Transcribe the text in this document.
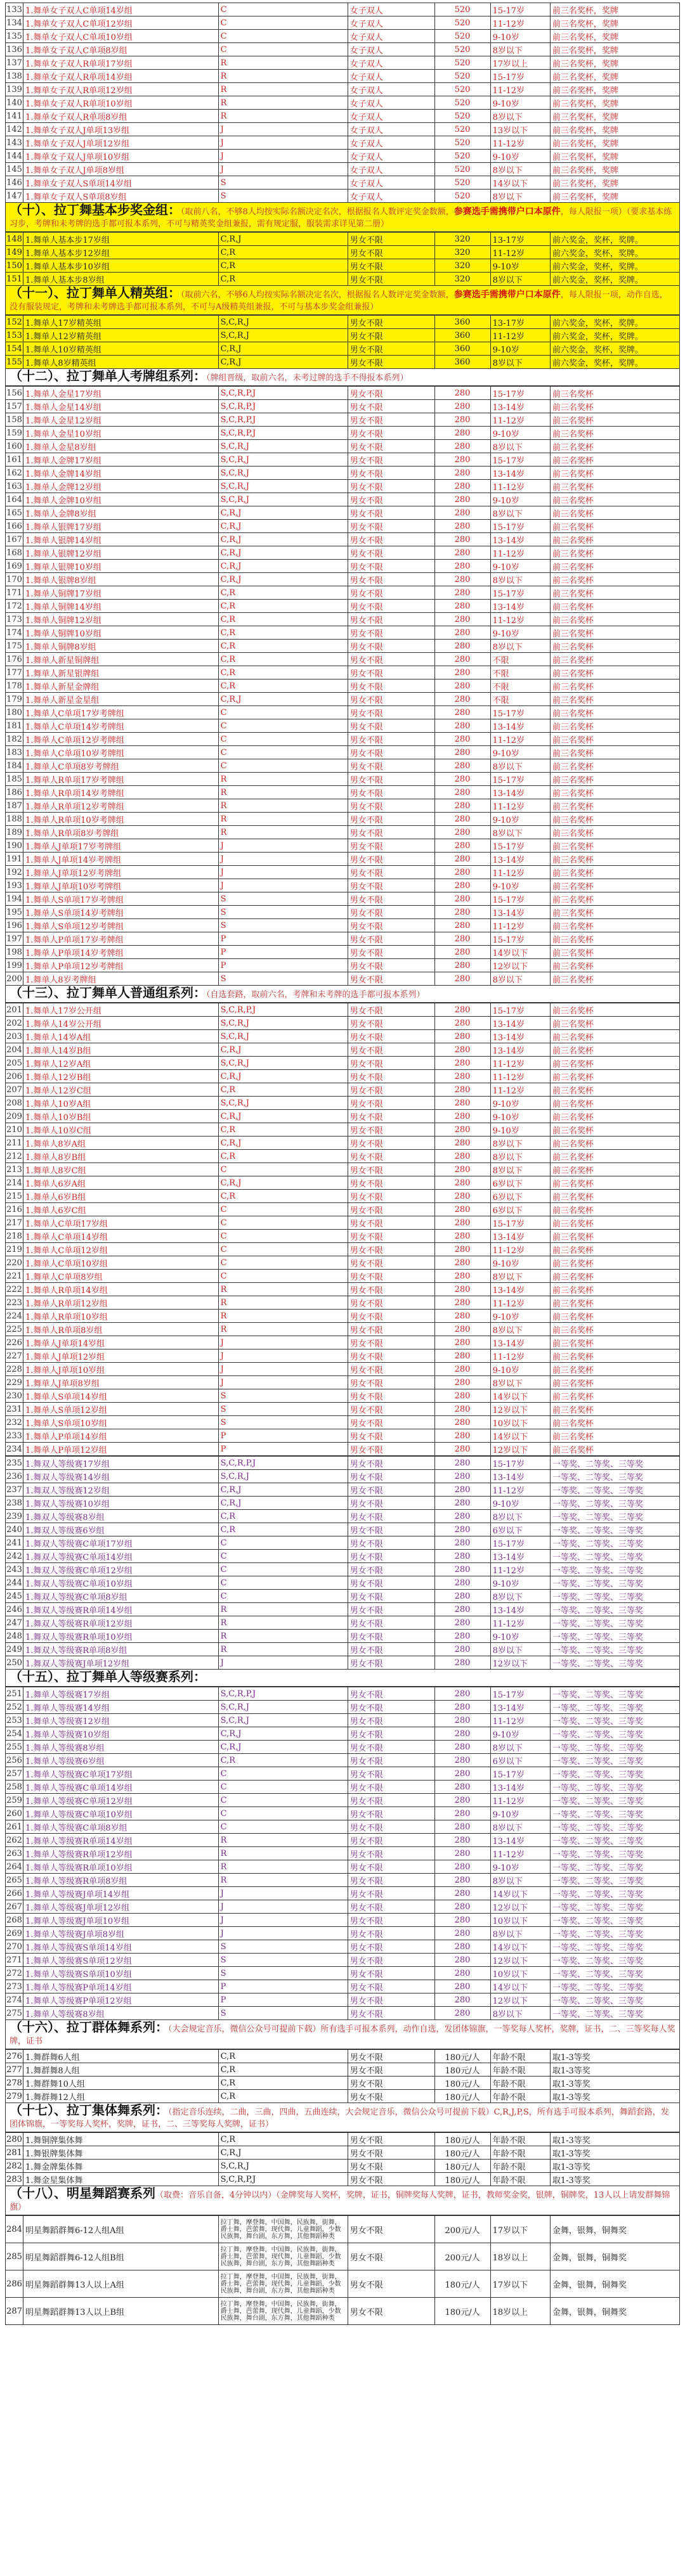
133	1.舞单女子双人C单项14岁组	C	女子双人	520	15-17岁	前三名奖杯，奖牌
134	1.舞单女子双人C单项12岁组	C	女子双人	520	11-12岁	前三名奖杯，奖牌
135	1.舞单女子双人C单项10岁组	C	女子双人	520	9-10岁	前三名奖杯，奖牌
136	1.舞单女子双人C单项8岁组	C	女子双人	520	8岁以下	前三名奖杯，奖牌
137	1.舞单女子双人R单项17岁组	R	女子双人	520	17岁以上	前三名奖杯，奖牌
138	1.舞单女子双人R单项14岁组	R	女子双人	520	15-17岁	前三名奖杯，奖牌
139	1.舞单女子双人R单项12岁组	R	女子双人	520	11-12岁	前三名奖杯，奖牌
140	1.舞单女子双人R单项10岁组	R	女子双人	520	9-10岁	前三名奖杯，奖牌
141	1.舞单女子双人R单项8岁组	R	女子双人	520	8岁以下	前三名奖杯，奖牌
142	1.舞单女子双人J单项13岁组	J	女子双人	520	13岁以下	前三名奖杯，奖牌
143	1.舞单女子双人J单项12岁组	J	女子双人	520	11-12岁	前三名奖杯，奖牌
144	1.舞单女子双人J单项10岁组	J	女子双人	520	9-10岁	前三名奖杯，奖牌
145	1.舞单女子双人J单项8岁组	J	女子双人	520	8岁以下	前三名奖杯，奖牌
146	1.舞单女子双人S单项14岁组	S	女子双人	520	14岁以下	前三名奖杯，奖牌
147	1.舞单女子双人S单项8岁组	S	女子双人	520	8岁以下	前三名奖杯，奖牌
（十）、拉丁舞基本步奖金组：（取前八名，不够8人均按实际名额决定名次，根据报名人数评定奖金数额，参赛选手需携带户口本原件，每人限报一项）（要求基本练习步，考牌和未考牌的选手都可报本系列，不可与精英奖金组兼报，需有规定服，服装需求详见第二册）
148	1.舞单人基本步17岁组	C,R,J	男女不限	320	13-17岁	前六奖金，奖杯，奖牌。
149	1.舞单人基本步12岁组	C,R	男女不限	320	11-12岁	前六奖金，奖杯，奖牌。
150	1.舞单人基本步10岁组	C,R	男女不限	320	9-10岁	前六奖金，奖杯，奖牌。
151	1.舞单人基本步8岁组	C,R	男女不限	320	8岁以下	前六奖金，奖杯，奖牌。
（十一）、拉丁舞单人精英组：（取前六名，不够6人均按实际名额决定名次，根据报名人数评定奖金数额，参赛选手需携带户口本原件，每人限报一项，动作自选，没有服装规定，考牌和未考牌选手都可报本系列，不可与A级精英组兼报，不可与基本步奖金组兼报）
152	1.舞单人17岁精英组	S,C,R,J	男女不限	360	13-17岁	前六奖金，奖杯，奖牌。
153	1.舞单人12岁精英组	S,C,R,J	男女不限	360	11-12岁	前六奖金，奖杯，奖牌。
154	1.舞单人10岁精英组	C,R,J	男女不限	360	9-10岁	前六奖金，奖杯，奖牌。
155	1.舞单人8岁精英组	C,R,J	男女不限	360	8岁以下	前六奖金，奖杯，奖牌。
（十二）、拉丁舞单人考牌组系列：（牌组晋级，取前六名，未考过牌的选手不得报本系列）
156	1.舞单人金星17岁组	S,C,R,P,J	男女不限	280	15-17岁	前三名奖杯
157	1.舞单人金星14岁组	S,C,R,P,J	男女不限	280	13-14岁	前三名奖杯
158	1.舞单人金星12岁组	S,C,R,P,J	男女不限	280	11-12岁	前三名奖杯
159	1.舞单人金星10岁组	S,C,R,P,J	男女不限	280	9-10岁	前三名奖杯
160	1.舞单人金星8岁组	S,C,R,J	男女不限	280	8岁以下	前三名奖杯
161	1.舞单人金牌17岁组	S,C,R,J	男女不限	280	15-17岁	前三名奖杯
162	1.舞单人金牌14岁组	S,C,R,J	男女不限	280	13-14岁	前三名奖杯
163	1.舞单人金牌12岁组	S,C,R,J	男女不限	280	11-12岁	前三名奖杯
164	1.舞单人金牌10岁组	S,C,R,J	男女不限	280	9-10岁	前三名奖杯
165	1.舞单人金牌8岁组	C,R,J	男女不限	280	8岁以下	前三名奖杯
166	1.舞单人银牌17岁组	C,R,J	男女不限	280	15-17岁	前三名奖杯
167	1.舞单人银牌14岁组	C,R,J	男女不限	280	13-14岁	前三名奖杯
168	1.舞单人银牌12岁组	C,R,J	男女不限	280	11-12岁	前三名奖杯
169	1.舞单人银牌10岁组	C,R,J	男女不限	280	9-10岁	前三名奖杯
170	1.舞单人银牌8岁组	C,R,J	男女不限	280	8岁以下	前三名奖杯
171	1.舞单人铜牌17岁组	C,R	男女不限	280	15-17岁	前三名奖杯
172	1.舞单人铜牌14岁组	C,R	男女不限	280	13-14岁	前三名奖杯
173	1.舞单人铜牌12岁组	C,R	男女不限	280	11-12岁	前三名奖杯
174	1.舞单人铜牌10岁组	C,R	男女不限	280	9-10岁	前三名奖杯
175	1.舞单人铜牌8岁组	C,R	男女不限	280	8岁以下	前三名奖杯
176	1.舞单人新星铜牌组	C,R	男女不限	280	不限	前三名奖杯
177	1.舞单人新星银牌组	C,R	男女不限	280	不限	前三名奖杯
178	1.舞单人新星金牌组	C,R	男女不限	280	不限	前三名奖杯
179	1.舞单人新星金星组	C,R,J	男女不限	280	不限	前三名奖杯
180	1.舞单人C单项17岁考牌组	C	男女不限	280	15-17岁	前三名奖杯
181	1.舞单人C单项14岁考牌组	C	男女不限	280	13-14岁	前三名奖杯
182	1.舞单人C单项12岁考牌组	C	男女不限	280	11-12岁	前三名奖杯
183	1.舞单人C单项10岁考牌组	C	男女不限	280	9-10岁	前三名奖杯
184	1.舞单人C单项8岁考牌组	C	男女不限	280	8岁以下	前三名奖杯
185	1.舞单人R单项17岁考牌组	R	男女不限	280	15-17岁	前三名奖杯
186	1.舞单人R单项14岁考牌组	R	男女不限	280	13-14岁	前三名奖杯
187	1.舞单人R单项12岁考牌组	R	男女不限	280	11-12岁	前三名奖杯
188	1.舞单人R单项10岁考牌组	R	男女不限	280	9-10岁	前三名奖杯
189	1.舞单人R单项8岁考牌组	R	男女不限	280	8岁以下	前三名奖杯
190	1.舞单人J单项17岁考牌组	J	男女不限	280	15-17岁	前三名奖杯
191	1.舞单人J单项14岁考牌组	J	男女不限	280	13-14岁	前三名奖杯
192	1.舞单人J单项12岁考牌组	J	男女不限	280	11-12岁	前三名奖杯
193	1.舞单人J单项10岁考牌组	J	男女不限	280	9-10岁	前三名奖杯
194	1.舞单人S单项17岁考牌组	S	男女不限	280	15-17岁	前三名奖杯
195	1.舞单人S单项14岁考牌组	S	男女不限	280	13-14岁	前三名奖杯
196	1.舞单人S单项12岁考牌组	S	男女不限	280	11-12岁	前三名奖杯
197	1.舞单人P单项17岁考牌组	P	男女不限	280	15-17岁	前三名奖杯
198	1.舞单人P单项14岁考牌组	P	男女不限	280	14岁以下	前三名奖杯
199	1.舞单人P单项12岁考牌组	P	男女不限	280	12岁以下	前三名奖杯
200	1.舞单人8岁考牌组	S	男女不限	280	8岁以下	前三名奖杯
（十三）、拉丁舞单人普通组系列：（自选套路，取前六名，考牌和未考牌的选手都可报本系列）
201	1.舞单人17岁公开组	S,C,R,P,J	男女不限	280	15-17岁	前三名奖杯
202	1.舞单人14岁公开组	S,C,R,J	男女不限	280	13-14岁	前三名奖杯
203	1.舞单人14岁A组	S,C,R,J	男女不限	280	13-14岁	前三名奖杯
204	1.舞单人14岁B组	C,R,J	男女不限	280	13-14岁	前三名奖杯
205	1.舞单人12岁A组	S,C,R,J	男女不限	280	11-12岁	前三名奖杯
206	1.舞单人12岁B组	C,R,J	男女不限	280	11-12岁	前三名奖杯
207	1.舞单人12岁C组	C,R	男女不限	280	11-12岁	前三名奖杯
208	1.舞单人10岁A组	S,C,R,J	男女不限	280	9-10岁	前三名奖杯
209	1.舞单人10岁B组	C,R,J	男女不限	280	9-10岁	前三名奖杯
210	1.舞单人10岁C组	C,R	男女不限	280	9-10岁	前三名奖杯
211	1.舞单人8岁A组	C,R,J	男女不限	280	8岁以下	前三名奖杯
212	1.舞单人8岁B组	C,R	男女不限	280	8岁以下	前三名奖杯
213	1.舞单人8岁C组	C	男女不限	280	8岁以下	前三名奖杯
214	1.舞单人6岁A组	C,R,J	男女不限	280	6岁以下	前三名奖杯
215	1.舞单人6岁B组	C,R	男女不限	280	6岁以下	前三名奖杯
216	1.舞单人6岁C组	C	男女不限	280	6岁以下	前三名奖杯
217	1.舞单人C单项17岁组	C	男女不限	280	15-17岁	前三名奖杯
218	1.舞单人C单项14岁组	C	男女不限	280	13-14岁	前三名奖杯
219	1.舞单人C单项12岁组	C	男女不限	280	11-12岁	前三名奖杯
220	1.舞单人C单项10岁组	C	男女不限	280	9-10岁	前三名奖杯
221	1.舞单人C单项8岁组	C	男女不限	280	8岁以下	前三名奖杯
222	1.舞单人R单项14岁组	R	男女不限	280	13-14岁	前三名奖杯
223	1.舞单人R单项12岁组	R	男女不限	280	11-12岁	前三名奖杯
224	1.舞单人R单项10岁组	R	男女不限	280	9-10岁	前三名奖杯
225	1.舞单人R单项8岁组	R	男女不限	280	8岁以下	前三名奖杯
226	1.舞单人J单项14岁组	J	男女不限	280	13-14岁	前三名奖杯
227	1.舞单人J单项12岁组	J	男女不限	280	11-12岁	前三名奖杯
228	1.舞单人J单项10岁组	J	男女不限	280	9-10岁	前三名奖杯
229	1.舞单人J单项8岁组	J	男女不限	280	8岁以下	前三名奖杯
230	1.舞单人S单项14岁组	S	男女不限	280	14岁以下	前三名奖杯
231	1.舞单人S单项12岁组	S	男女不限	280	12岁以下	前三名奖杯
232	1.舞单人S单项10岁组	S	男女不限	280	10岁以下	前三名奖杯
233	1.舞单人P单项14岁组	P	男女不限	280	14岁以下	前三名奖杯
234	1.舞单人P单项12岁组	P	男女不限	280	12岁以下	前三名奖杯
235	1.舞双人等级赛17岁组	S,C,R,P,J	男女不限	280	15-17岁	一等奖、二等奖、三等奖
236	1.舞双人等级赛14岁组	S,C,R,J	男女不限	280	13-14岁	一等奖、二等奖、三等奖
237	1.舞双人等级赛12岁组	C,R,J	男女不限	280	11-12岁	一等奖、二等奖、三等奖
238	1.舞双人等级赛10岁组	C,R,J	男女不限	280	9-10岁	一等奖、二等奖、三等奖
239	1.舞双人等级赛8岁组	C,R	男女不限	280	8岁以下	一等奖、二等奖、三等奖
240	1.舞双人等级赛6岁组	C,R	男女不限	280	6岁以下	一等奖、二等奖、三等奖
241	1.舞双人等级赛C单项17岁组	C	男女不限	280	15-17岁	一等奖、二等奖、三等奖
242	1.舞双人等级赛C单项14岁组	C	男女不限	280	13-14岁	一等奖、二等奖、三等奖
243	1.舞双人等级赛C单项12岁组	C	男女不限	280	11-12岁	一等奖、二等奖、三等奖
244	1.舞双人等级赛C单项10岁组	C	男女不限	280	9-10岁	一等奖、二等奖、三等奖
245	1.舞双人等级赛C单项8岁组	C	男女不限	280	8岁以下	一等奖、二等奖、三等奖
246	1.舞双人等级赛R单项14岁组	R	男女不限	280	13-14岁	一等奖、二等奖、三等奖
247	1.舞双人等级赛R单项12岁组	R	男女不限	280	11-12岁	一等奖、二等奖、三等奖
248	1.舞双人等级赛R单项10岁组	R	男女不限	280	9-10岁	一等奖、二等奖、三等奖
249	1.舞双人等级赛R单项8岁组	R	男女不限	280	8岁以下	一等奖、二等奖、三等奖
250	1.舞双人等级赛J单项12岁组	J	男女不限	280	12岁以下	一等奖、二等奖、三等奖
（十五）、拉丁舞单人等级赛系列：
251	1.舞单人等级赛17岁组	S,C,R,P,J	男女不限	280	15-17岁	一等奖、二等奖、三等奖
252	1.舞单人等级赛14岁组	S,C,R,J	男女不限	280	13-14岁	一等奖、二等奖、三等奖
253	1.舞单人等级赛12岁组	S,C,R,J	男女不限	280	11-12岁	一等奖、二等奖、三等奖
254	1.舞单人等级赛10岁组	C,R,J	男女不限	280	9-10岁	一等奖、二等奖、三等奖
255	1.舞单人等级赛8岁组	C,R,J	男女不限	280	8岁以下	一等奖、二等奖、三等奖
256	1.舞单人等级赛6岁组	C,R	男女不限	280	6岁以下	一等奖、二等奖、三等奖
257	1.舞单人等级赛C单项17岁组	C	男女不限	280	15-17岁	一等奖、二等奖、三等奖
258	1.舞单人等级赛C单项14岁组	C	男女不限	280	13-14岁	一等奖、二等奖、三等奖
259	1.舞单人等级赛C单项12岁组	C	男女不限	280	11-12岁	一等奖、二等奖、三等奖
260	1.舞单人等级赛C单项10岁组	C	男女不限	280	9-10岁	一等奖、二等奖、三等奖
261	1.舞单人等级赛C单项8岁组	C	男女不限	280	8岁以下	一等奖、二等奖、三等奖
262	1.舞单人等级赛R单项14岁组	R	男女不限	280	13-14岁	一等奖、二等奖、三等奖
263	1.舞单人等级赛R单项12岁组	R	男女不限	280	11-12岁	一等奖、二等奖、三等奖
264	1.舞单人等级赛R单项10岁组	R	男女不限	280	9-10岁	一等奖、二等奖、三等奖
265	1.舞单人等级赛R单项8岁组	R	男女不限	280	8岁以下	一等奖、二等奖、三等奖
266	1.舞单人等级赛J单项14岁组	J	男女不限	280	14岁以下	一等奖、二等奖、三等奖
267	1.舞单人等级赛J单项12岁组	J	男女不限	280	12岁以下	一等奖、二等奖、三等奖
268	1.舞单人等级赛J单项10岁组	J	男女不限	280	10岁以下	一等奖、二等奖、三等奖
269	1.舞单人等级赛J单项8岁组	J	男女不限	280	8岁以下	一等奖、二等奖、三等奖
270	1.舞单人等级赛S单项14岁组	S	男女不限	280	14岁以下	一等奖、二等奖、三等奖
271	1.舞单人等级赛S单项12岁组	S	男女不限	280	12岁以下	一等奖、二等奖、三等奖
272	1.舞单人等级赛S单项10岁组	S	男女不限	280	10岁以下	一等奖、二等奖、三等奖
273	1.舞单人等级赛P单项14岁组	P	男女不限	280	14岁以下	一等奖、二等奖、三等奖
274	1.舞单人等级赛P单项12岁组	P	男女不限	280	12岁以下	一等奖、二等奖、三等奖
275	1.舞单人等级赛8岁组	S	男女不限	280	8岁以下	一等奖、二等奖、三等奖
（十六）、拉丁群体舞系列：（大会规定音乐，微信公众号可提前下载）所有选手可报本系列，动作自选，发团体锦旗，一等奖每人奖杯，奖牌，证书，二、三等奖每人奖牌，证书
276	1.舞群舞6人组	C,R	男女不限	180元/人	年龄不限	取1-3等奖
277	1.舞群舞8人组	C,R	男女不限	180元/人	年龄不限	取1-3等奖
278	1.舞群舞10人组	C,R	男女不限	180元/人	年龄不限	取1-3等奖
279	1.舞群舞12人组	C,R	男女不限	180元/人	年龄不限	取1-3等奖
（十七）、拉丁集体舞系列：（指定音乐连续，二曲，三曲，四曲，五曲连续，大会规定音乐，微信公众号可提前下载）C,R,J,P,S，所有选手可报本系列，舞蹈套路，发团体锦旗，一等奖每人奖杯，奖牌，证书，二、三等奖每人奖牌，证书）
280	1.舞铜牌集体舞	C,R	男女不限	180元/人	年龄不限	取1-3等奖
281	1.舞银牌集体舞	C,R,J	男女不限	180元/人	年龄不限	取1-3等奖
282	1.舞金牌集体舞	S,C,R,J	男女不限	180元/人	年龄不限	取1-3等奖
283	1.舞金星集体舞	S,C,R,P,J	男女不限	180元/人	年龄不限	取1-3等奖
（十八）、明星舞蹈赛系列（取费：音乐自备，4分钟以内）（金牌奖每人奖杯，奖牌，证书，铜牌奖每人奖牌，证书，教师奖金奖，银牌，铜牌奖，13人以上请发群舞锦旗）
284	明星舞蹈群舞6-12人组A组	拉丁舞，摩登舞，中国舞，民族舞，街舞，爵士舞，芭蕾舞，现代舞，儿童舞蹈，少数民族舞，舞台剧，东方舞，其他舞蹈种类	男女不限	200元/人	17岁以下	金舞，银舞，铜舞奖
285	明星舞蹈群舞6-12人组B组	拉丁舞，摩登舞，中国舞，民族舞，街舞，爵士舞，芭蕾舞，现代舞，儿童舞蹈，少数民族舞，舞台剧，东方舞，其他舞蹈种类	男女不限	200元/人	18岁以上	金舞，银舞，铜舞奖
286	明星舞蹈群舞13人以上A组	拉丁舞，摩登舞，中国舞，民族舞，街舞，爵士舞，芭蕾舞，现代舞，儿童舞蹈，少数民族舞，舞台剧，东方舞，其他舞蹈种类	男女不限	180元/人	17岁以下	金舞，银舞，铜舞奖
287	明星舞蹈群舞13人以上B组	拉丁舞，摩登舞，中国舞，民族舞，街舞，爵士舞，芭蕾舞，现代舞，儿童舞蹈，少数民族舞，舞台剧，东方舞，其他舞蹈种类	男女不限	180元/人	18岁以上	金舞，银舞，铜舞奖
